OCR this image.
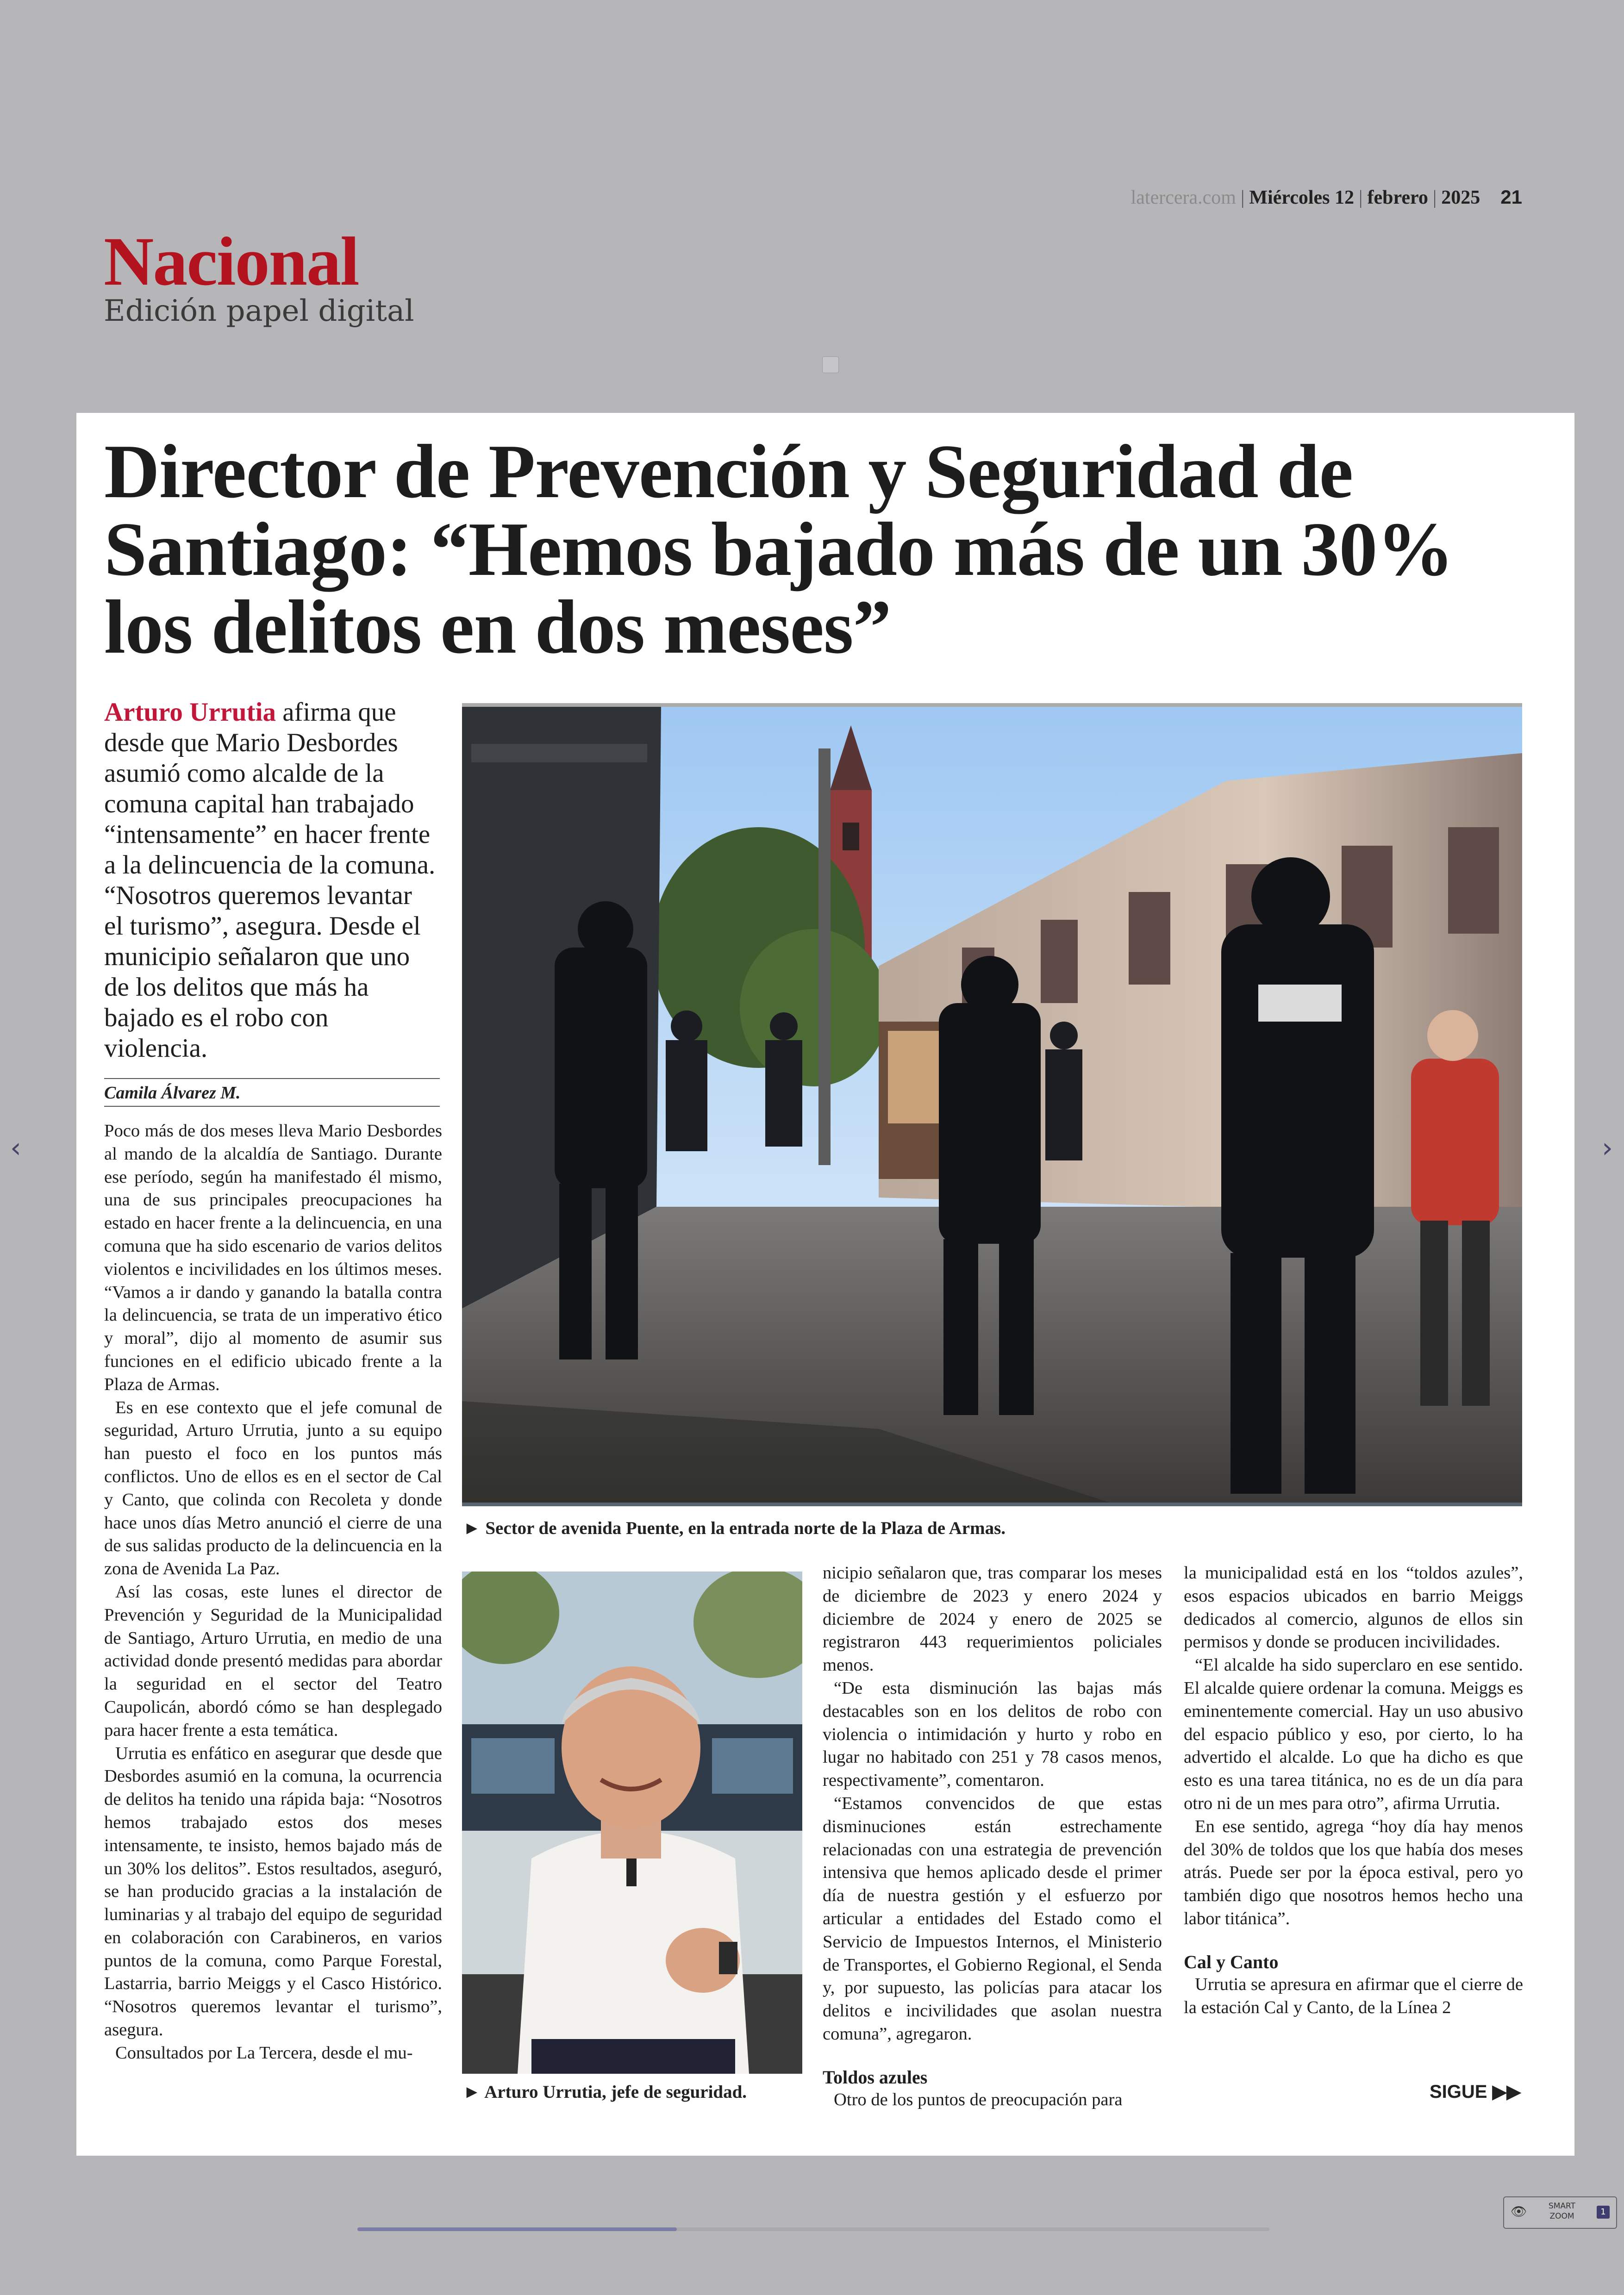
latercera.com | Miércoles 12 | febrero | 2025 21
Nacional
Edición papel digital
Director de Prevención y Seguridad de Santiago: “Hemos bajado más de un 30% los delitos en dos meses”

Arturo Urrutia afirma que desde que Mario Desbordes asumió como alcalde de la comuna capital han trabajado “intensamente” en hacer frente a la delincuencia de la comuna. “Nosotros queremos levantar el turismo”, asegura. Desde el municipio señalaron que uno de los delitos que más ha bajado es el robo con violencia.

Camila Álvarez M.

Poco más de dos meses lleva Mario Desbordes al mando de la alcaldía de Santiago. Durante ese período, según ha manifestado él mismo, una de sus principales preocupaciones ha estado en hacer frente a la delincuencia, en una comuna que ha sido escenario de varios delitos violentos e incivilidades en los últimos meses. “Vamos a ir dando y ganando la batalla contra la delincuencia, se trata de un imperativo ético y moral”, dijo al momento de asumir sus funciones en el edificio ubicado frente a la Plaza de Armas.

Es en ese contexto que el jefe comunal de seguridad, Arturo Urrutia, junto a su equipo han puesto el foco en los puntos más conflictos. Uno de ellos es en el sector de Cal y Canto, que colinda con Recoleta y donde hace unos días Metro anunció el cierre de una de sus salidas producto de la delincuencia en la zona de Avenida La Paz.

Así las cosas, este lunes el director de Prevención y Seguridad de la Municipalidad de Santiago, Arturo Urrutia, en medio de una actividad donde presentó medidas para abordar la seguridad en el sector del Teatro Caupolicán, abordó cómo se han desplegado para hacer frente a esta temática.

Urrutia es enfático en asegurar que desde que Desbordes asumió en la comuna, la ocurrencia de delitos ha tenido una rápida baja: “Nosotros hemos trabajado estos dos meses intensamente, te insisto, hemos bajado más de un 30% los delitos”. Estos resultados, aseguró, se han producido gracias a la instalación de luminarias y al trabajo del equipo de seguridad en colaboración con Carabineros, en varios puntos de la comuna, como Parque Forestal, Lastarria, barrio Meiggs y el Casco Histórico. “Nosotros queremos levantar el turismo”, asegura.

Consultados por La Tercera, desde el mu-

► Sector de avenida Puente, en la entrada norte de la Plaza de Armas.
► Arturo Urrutia, jefe de seguridad.

nicipio señalaron que, tras comparar los meses de diciembre de 2023 y enero 2024 y diciembre de 2024 y enero de 2025 se registraron 443 requerimientos policiales menos.

“De esta disminución las bajas más destacables son en los delitos de robo con violencia o intimidación y hurto y robo en lugar no habitado con 251 y 78 casos menos, respectivamente”, comentaron.

“Estamos convencidos de que estas disminuciones están estrechamente relacionadas con una estrategia de prevención intensiva que hemos aplicado desde el primer día de nuestra gestión y el esfuerzo por articular a entidades del Estado como el Servicio de Impuestos Internos, el Ministerio de Transportes, el Gobierno Regional, el Senda y, por supuesto, las policías para atacar los delitos e incivilidades que asolan nuestra comuna”, agregaron.

Toldos azules

Otro de los puntos de preocupación para

la municipalidad está en los “toldos azules”, esos espacios ubicados en barrio Meiggs dedicados al comercio, algunos de ellos sin permisos y donde se producen incivilidades.

“El alcalde ha sido superclaro en ese sentido. El alcalde quiere ordenar la comuna. Meiggs es eminentemente comercial. Hay un uso abusivo del espacio público y eso, por cierto, lo ha advertido el alcalde. Lo que ha dicho es que esto es una tarea titánica, no es de un día para otro ni de un mes para otro”, afirma Urrutia.

En ese sentido, agrega “hoy día hay menos del 30% de toldos que los que había dos meses atrás. Puede ser por la época estival, pero yo también digo que nosotros hemos hecho una labor titánica”.

Cal y Canto

Urrutia se apresura en afirmar que el cierre de la estación Cal y Canto, de la Línea 2

SIGUE ▶▶
‹	›
👁	SMART ZOOM	1
